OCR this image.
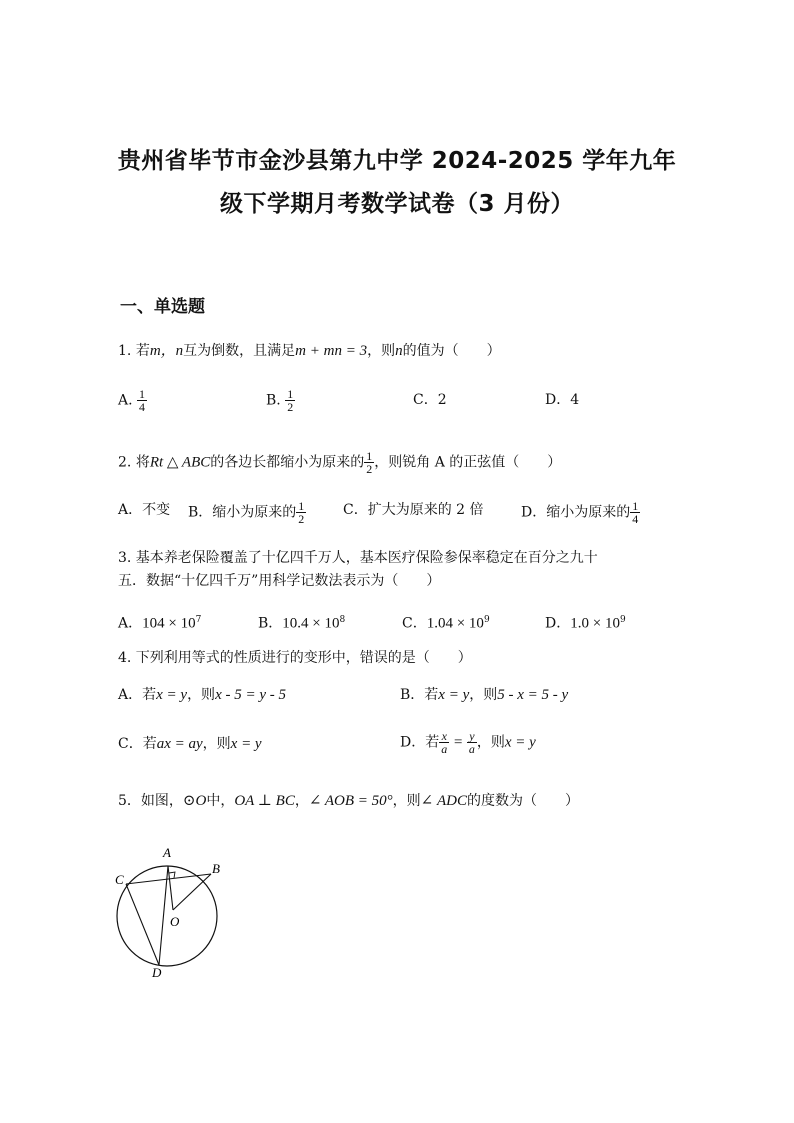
贵州省毕节市金沙县第九中学 2024-2025 学年九年
级下学期月考数学试卷（3 月份）
一、单选题
1. 若m，n互为倒数，且满足m + mn = 3，则n的值为（　　）
A. $\frac{1}{4}$	B. $\frac{1}{2}$	C．2	D．4
2. 将Rt △ ABC的各边长都缩小为原来的 $\frac{1}{2}$ ，则锐角 A 的正弦值（　　）
A．不变 B．缩小为原来的 $\frac{1}{2}$	C．扩大为原来的 2 倍	D．缩小为原来的 $\frac{1}{4}$
3. 基本养老保险覆盖了十亿四千万人，基本医疗保险参保率稳定在百分之九十
五．数据“十亿四千万”用科学记数法表示为（　　）
A．$104 \times 10^7$	B．$10.4 \times 10^8$	C．$1.04 \times 10^9$	D．$1.0 \times 10^9$
4. 下列利用等式的性质进行的变形中，错误的是（　　）
A．若x = y，则x - 5 = y - 5	B．若x = y，则5 - x = 5 - y
C．若ax = ay，则x = y	D．若 $\frac{x}{a} = \frac{y}{a}$ ，则x = y
5．如图，⊙O中，OA ⊥ BC，∠ AOB = 50°，则∠ ADC的度数为（　　）
A
B
C
O
D
